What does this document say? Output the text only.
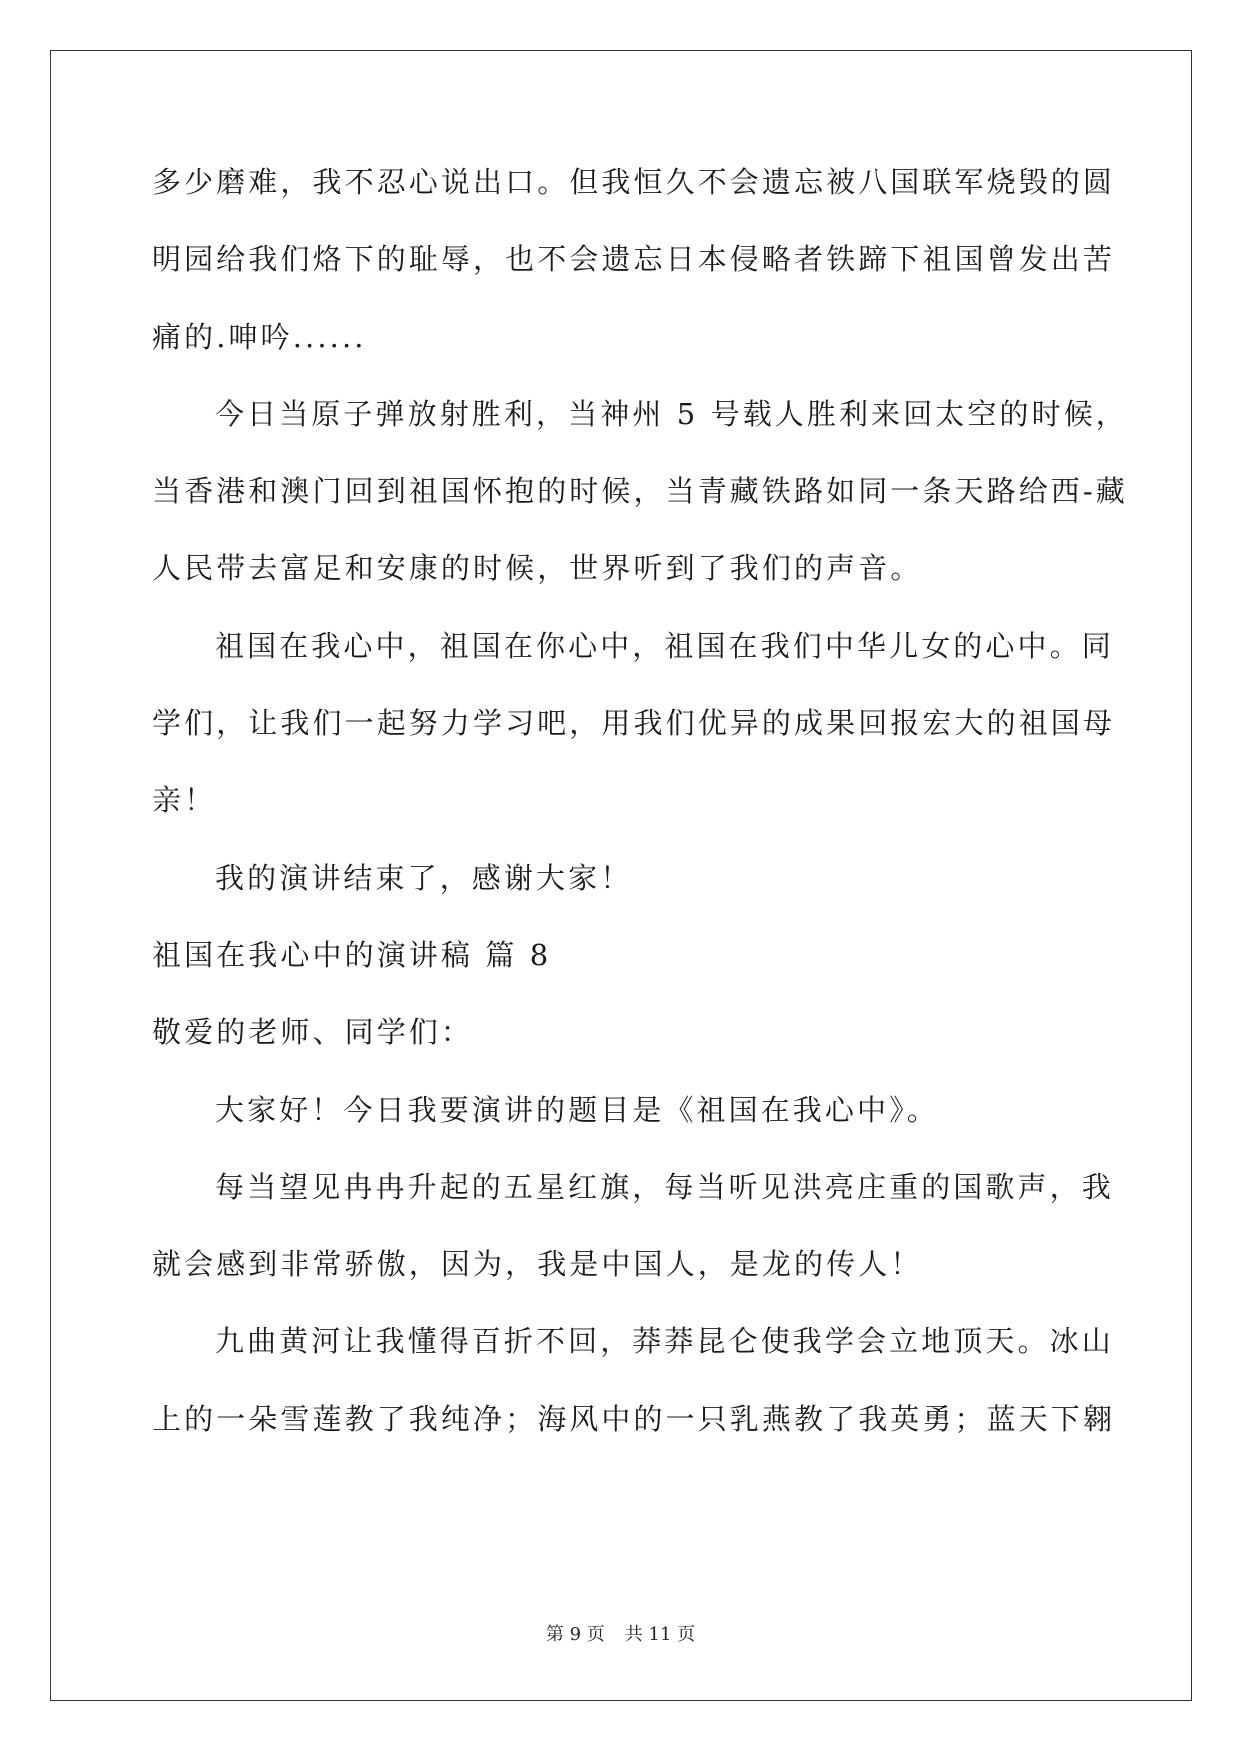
多少磨难，我不忍心说出口。但我恒久不会遗忘被八国联军烧毁的圆
明园给我们烙下的耻辱，也不会遗忘日本侵略者铁蹄下祖国曾发出苦
痛的.呻吟......
今日当原子弹放射胜利，当神州 5 号载人胜利来回太空的时候，
当香港和澳门回到祖国怀抱的时候，当青藏铁路如同一条天路给西-藏
人民带去富足和安康的时候，世界听到了我们的声音。
祖国在我心中，祖国在你心中，祖国在我们中华儿女的心中。同
学们，让我们一起努力学习吧，用我们优异的成果回报宏大的祖国母
亲！
我的演讲结束了，感谢大家！
祖国在我心中的演讲稿 篇 8
敬爱的老师、同学们：
大家好！今日我要演讲的题目是《祖国在我心中》。
每当望见冉冉升起的五星红旗，每当听见洪亮庄重的国歌声，我
就会感到非常骄傲，因为，我是中国人，是龙的传人！
九曲黄河让我懂得百折不回，莽莽昆仑使我学会立地顶天。冰山
上的一朵雪莲教了我纯净；海风中的一只乳燕教了我英勇；蓝天下翱
第 9 页 共 11 页
